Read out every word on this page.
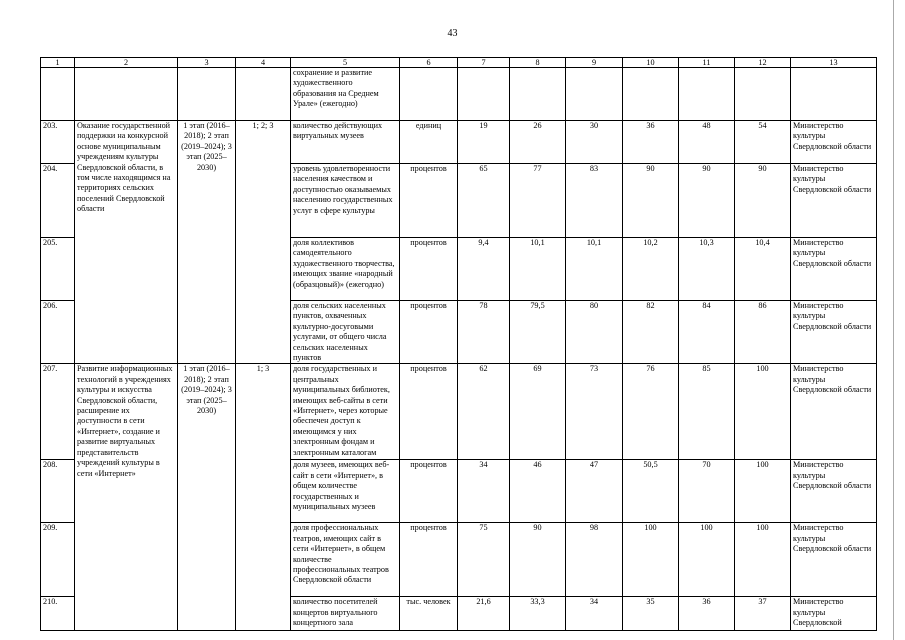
43
1	2	3	4	5	6	7	8	9	10	11	12	13
				сохранение и развитие художественного образования на Среднем Урале» (ежегодно)								
203.	Оказание государственной поддержки на конкурсной основе муниципальным учреждениям культуры Свердловской области, в том числе находящимся на территориях сельских поселений Свердловской области	1 этап (2016–2018); 2 этап (2019–2024); 3 этап (2025–2030)	1; 2; 3	количество действующих виртуальных музеев	единиц	19	26	30	36	48	54	Министерство культуры Свердловской области
204.				уровень удовлетворенности населения качеством и доступностью оказываемых населению государственных услуг в сфере культуры	процентов	65	77	83	90	90	90	Министерство культуры Свердловской области
205.				доля коллективов самодеятельного художественного творчества, имеющих звание «народный (образцовый)» (ежегодно)	процентов	9,4	10,1	10,1	10,2	10,3	10,4	Министерство культуры Свердловской области
206.				доля сельских населенных пунктов, охваченных культурно-досуговыми услугами, от общего числа сельских населенных пунктов	процентов	78	79,5	80	82	84	86	Министерство культуры Свердловской области
207.	Развитие информационных технологий в учреждениях культуры и искусства Свердловской области, расширение их доступности в сети «Интернет», создание и развитие виртуальных представительств учреждений культуры в сети «Интернет»	1 этап (2016–2018); 2 этап (2019–2024); 3 этап (2025–2030)	1; 3	доля государственных и центральных муниципальных библиотек, имеющих веб-сайты в сети «Интернет», через которые обеспечен доступ к имеющимся у них электронным фондам и электронным каталогам	процентов	62	69	73	76	85	100	Министерство культуры Свердловской области
208.				доля музеев, имеющих веб-сайт в сети «Интернет», в общем количестве государственных и муниципальных музеев	процентов	34	46	47	50,5	70	100	Министерство культуры Свердловской области
209.				доля профессиональных театров, имеющих сайт в сети «Интернет», в общем количестве профессиональных театров Свердловской области	процентов	75	90	98	100	100	100	Министерство культуры Свердловской области
210.				количество посетителей концертов виртуального концертного зала	тыс. человек	21,6	33,3	34	35	36	37	Министерство культуры Свердловской
